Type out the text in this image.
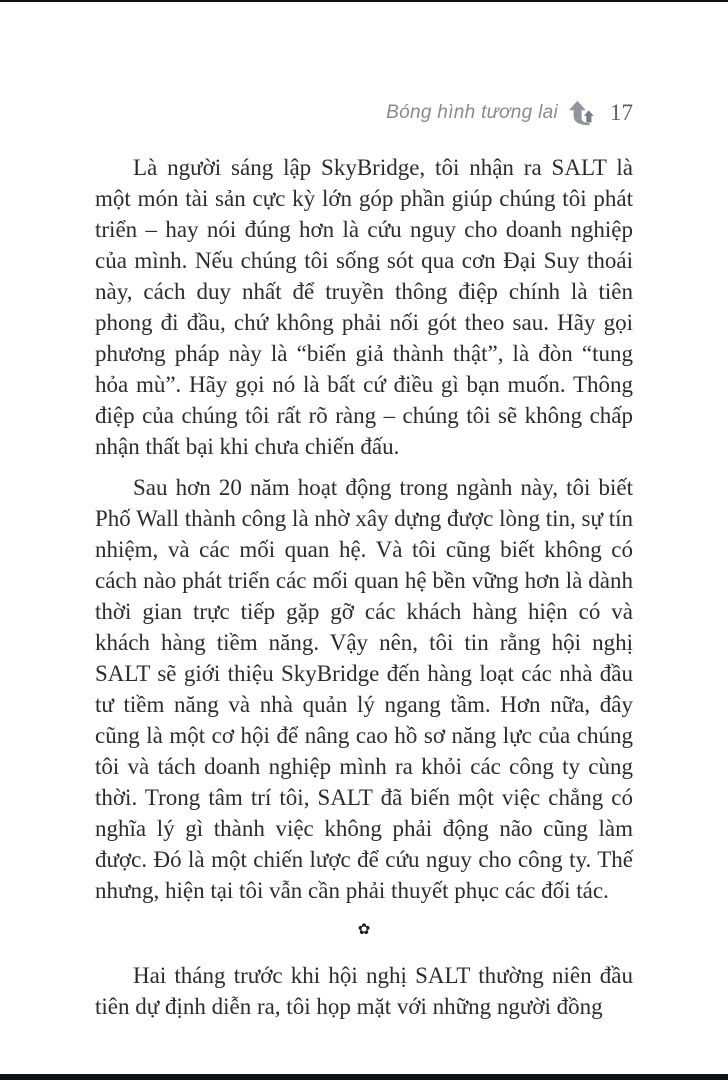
Bóng hình tương lai 17

Là người sáng lập SkyBridge, tôi nhận ra SALT là một món tài sản cực kỳ lớn góp phần giúp chúng tôi phát triển – hay nói đúng hơn là cứu nguy cho doanh nghiệp của mình. Nếu chúng tôi sống sót qua cơn Đại Suy thoái này, cách duy nhất để truyền thông điệp chính là tiên phong đi đầu, chứ không phải nối gót theo sau. Hãy gọi phương pháp này là “biến giả thành thật”, là đòn “tung hỏa mù”. Hãy gọi nó là bất cứ điều gì bạn muốn. Thông điệp của chúng tôi rất rõ ràng – chúng tôi sẽ không chấp nhận thất bại khi chưa chiến đấu.

Sau hơn 20 năm hoạt động trong ngành này, tôi biết Phố Wall thành công là nhờ xây dựng được lòng tin, sự tín nhiệm, và các mối quan hệ. Và tôi cũng biết không có cách nào phát triển các mối quan hệ bền vững hơn là dành thời gian trực tiếp gặp gỡ các khách hàng hiện có và khách hàng tiềm năng. Vậy nên, tôi tin rằng hội nghị SALT sẽ giới thiệu SkyBridge đến hàng loạt các nhà đầu tư tiềm năng và nhà quản lý ngang tầm. Hơn nữa, đây cũng là một cơ hội để nâng cao hồ sơ năng lực của chúng tôi và tách doanh nghiệp mình ra khỏi các công ty cùng thời. Trong tâm trí tôi, SALT đã biến một việc chẳng có nghĩa lý gì thành việc không phải động não cũng làm được. Đó là một chiến lược để cứu nguy cho công ty. Thế nhưng, hiện tại tôi vẫn cần phải thuyết phục các đối tác.

✿

Hai tháng trước khi hội nghị SALT thường niên đầu tiên dự định diễn ra, tôi họp mặt với những người đồng
